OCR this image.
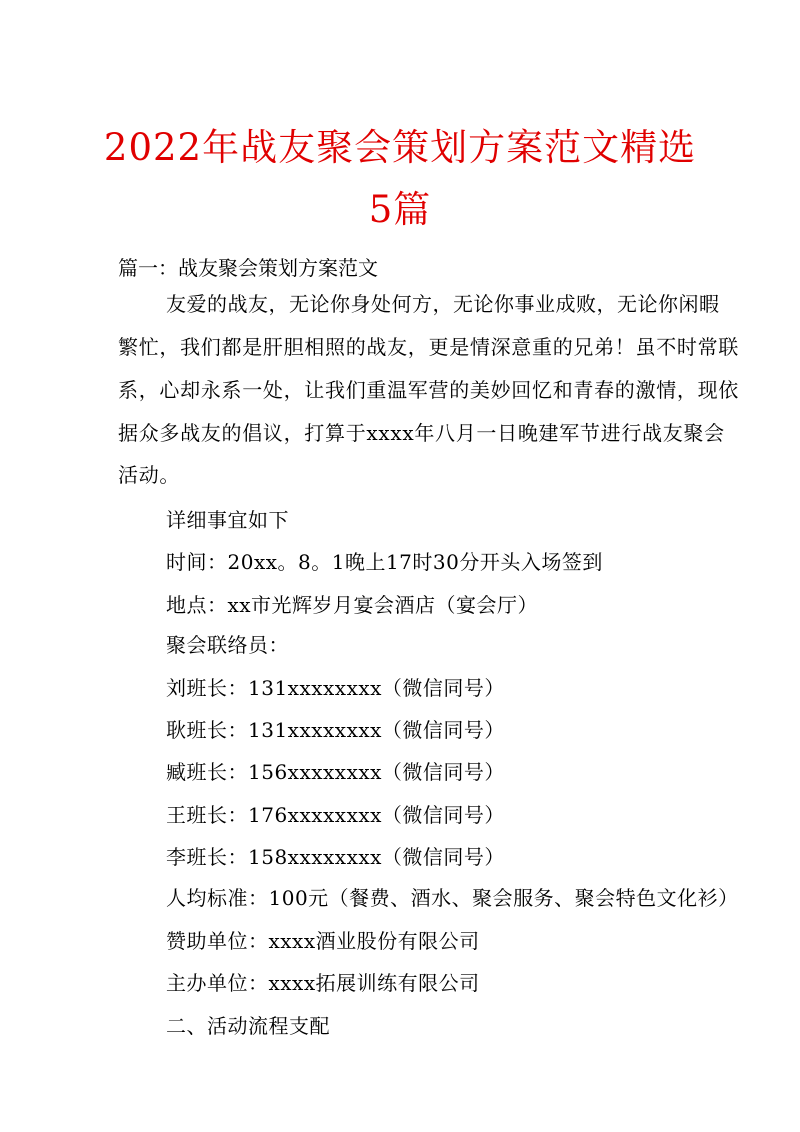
2022年战友聚会策划方案范文精选
5篇
篇一：战友聚会策划方案范文
友爱的战友，无论你身处何方，无论你事业成败，无论你闲暇
繁忙，我们都是肝胆相照的战友，更是情深意重的兄弟！虽不时常联
系，心却永系一处，让我们重温军营的美妙回忆和青春的激情，现依
据众多战友的倡议，打算于xxxx年八月一日晚建军节进行战友聚会
活动。
详细事宜如下
时间：20xx。8。1晚上17时30分开头入场签到
地点：xx市光辉岁月宴会酒店（宴会厅）
聚会联络员：
刘班长：131xxxxxxxx（微信同号）
耿班长：131xxxxxxxx（微信同号）
臧班长：156xxxxxxxx（微信同号）
王班长：176xxxxxxxx（微信同号）
李班长：158xxxxxxxx（微信同号）
人均标准：100元（餐费、酒水、聚会服务、聚会特色文化衫）
赞助单位：xxxx酒业股份有限公司
主办单位：xxxx拓展训练有限公司
二、活动流程支配
